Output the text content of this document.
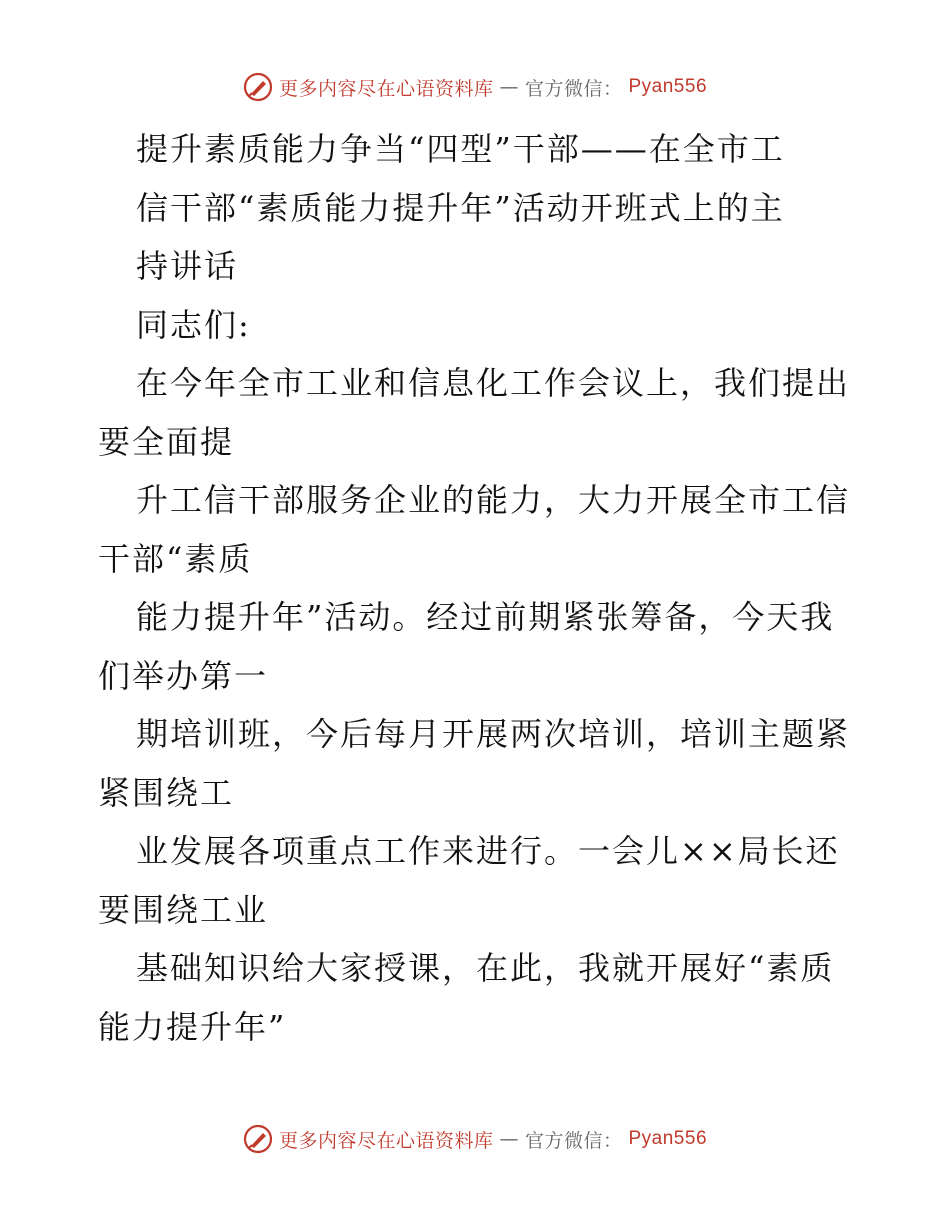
更多内容尽在心语资料库 — 官方微信： Pyan556
提升素质能力争当“四型”干部——在全市工
信干部“素质能力提升年”活动开班式上的主
持讲话
同志们:
在今年全市工业和信息化工作会议上，我们提出
要全面提
升工信干部服务企业的能力，大力开展全市工信
干部“素质
能力提升年”活动。经过前期紧张筹备，今天我
们举办第一
期培训班，今后每月开展两次培训，培训主题紧
紧围绕工
业发展各项重点工作来进行。一会儿××局长还
要围绕工业
基础知识给大家授课，在此，我就开展好“素质
能力提升年”
更多内容尽在心语资料库 — 官方微信： Pyan556
